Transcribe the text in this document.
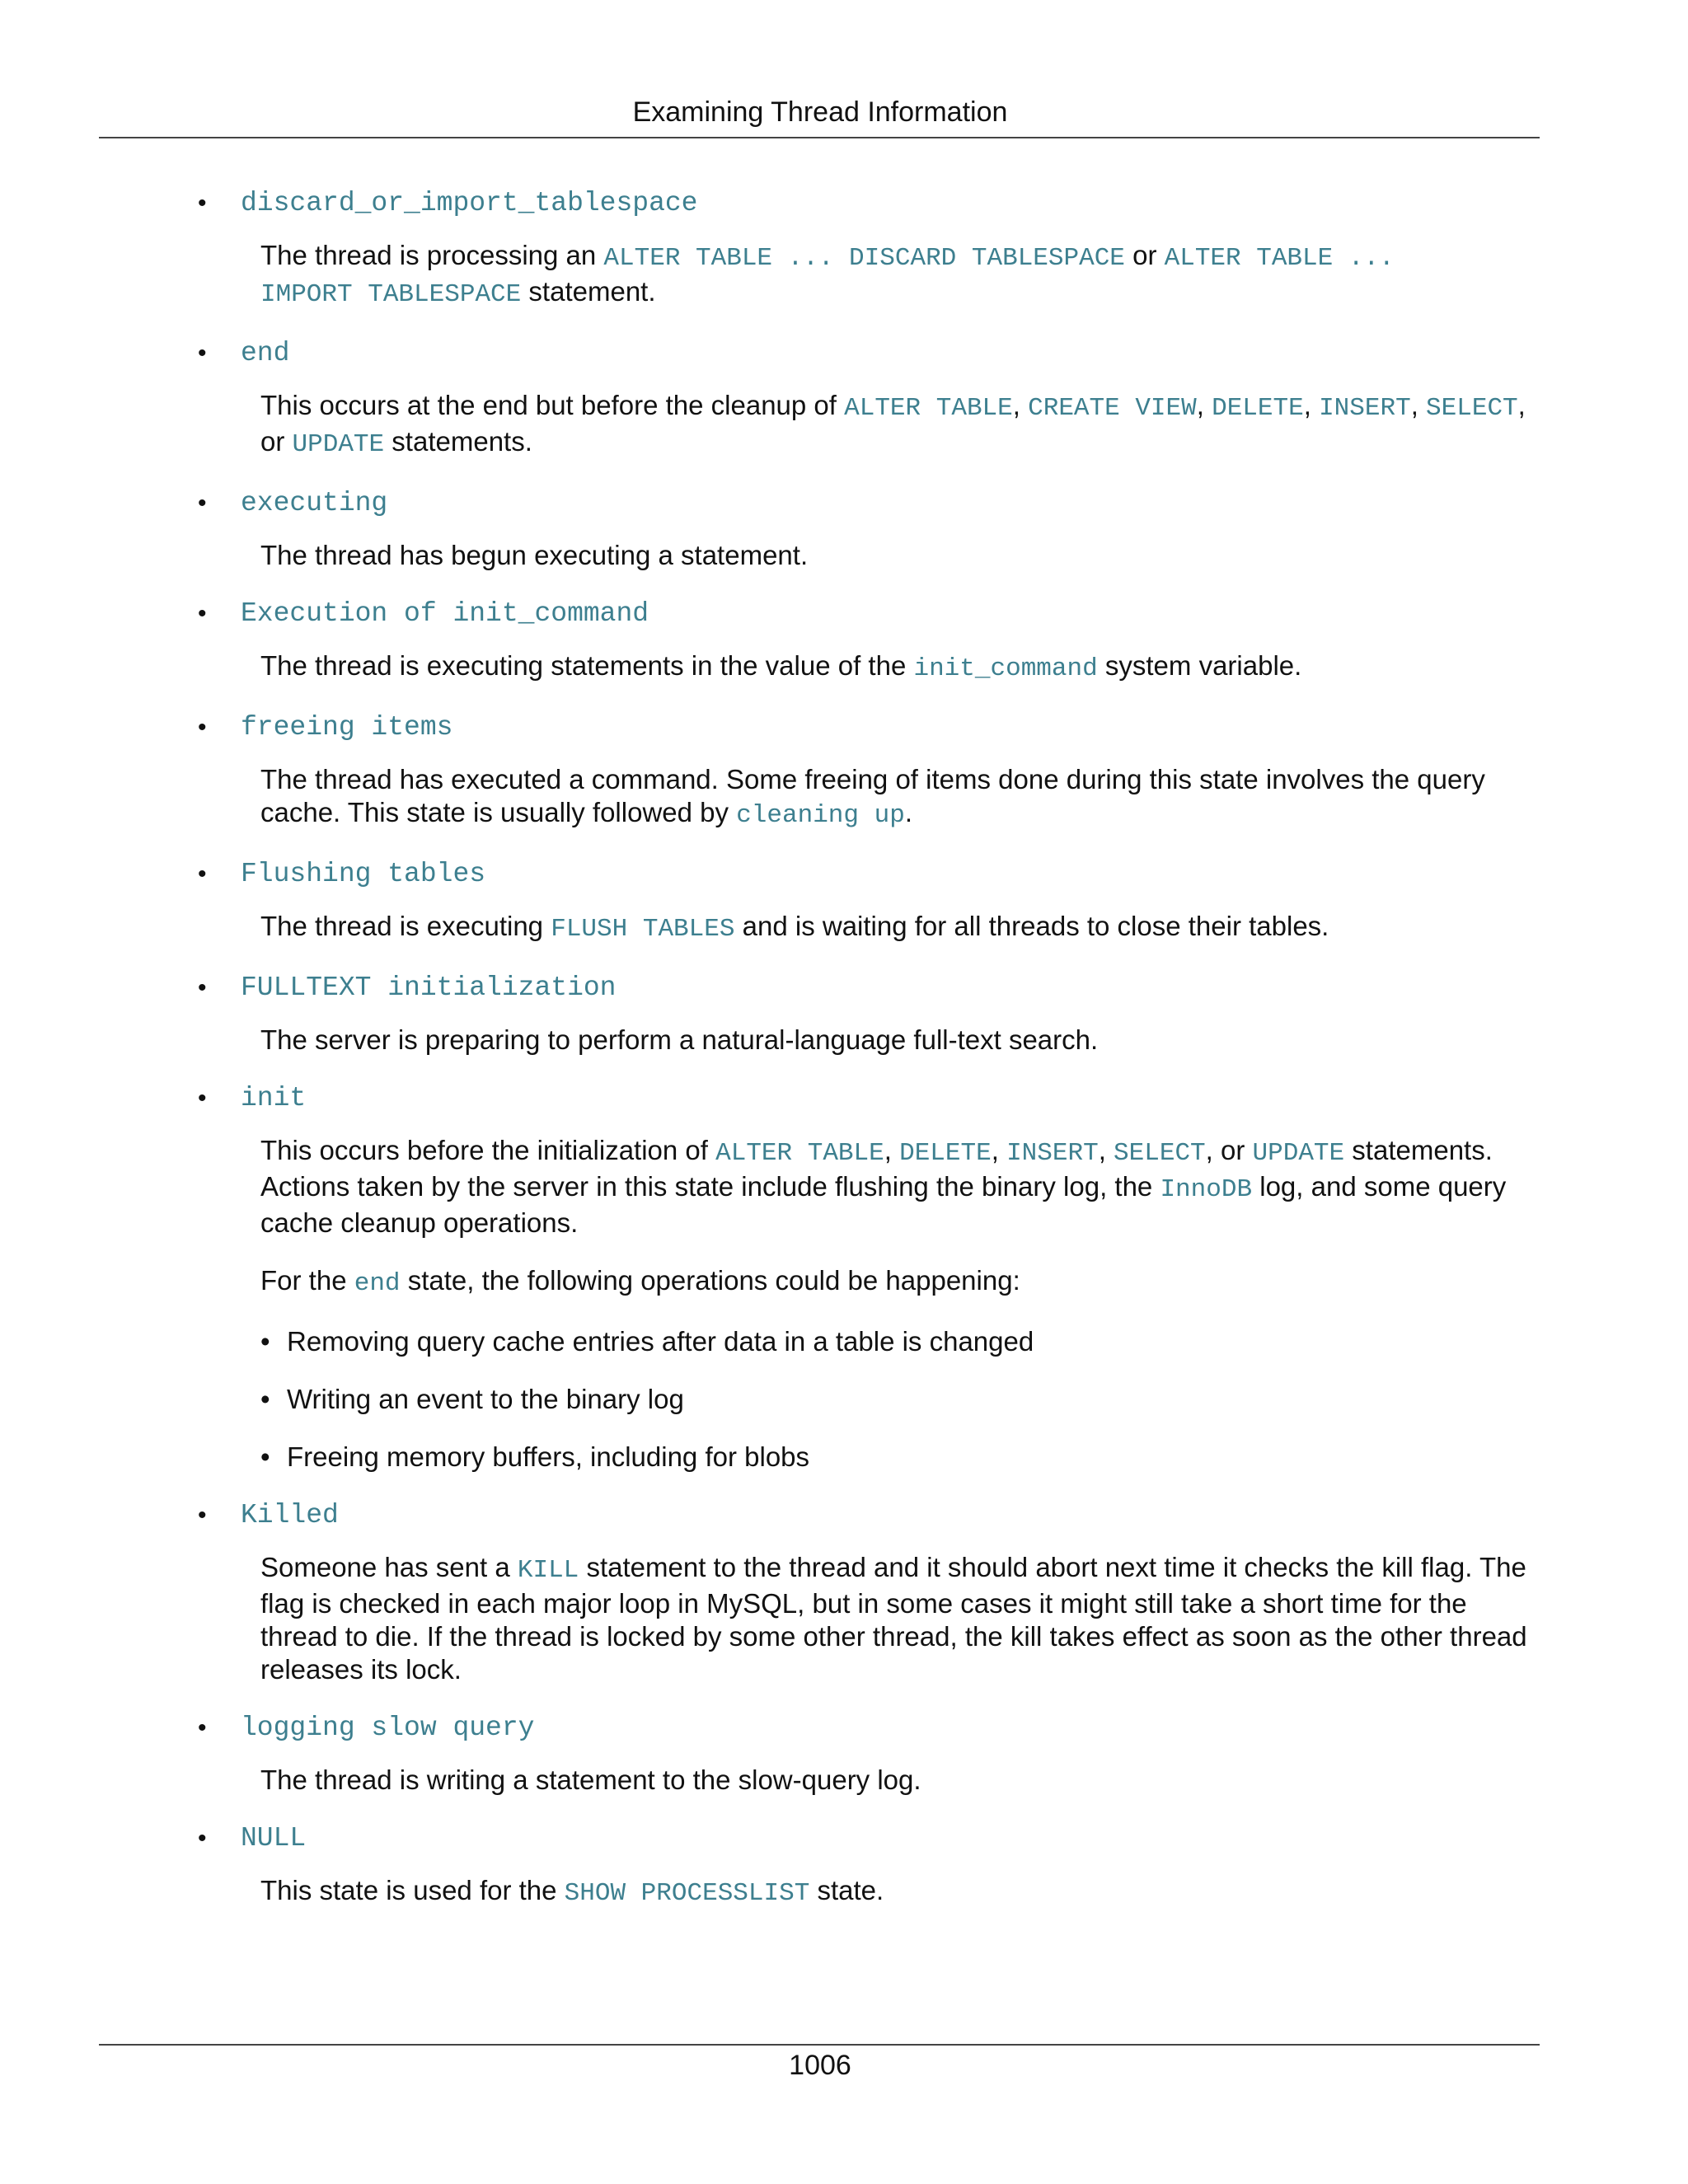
Examining Thread Information
• discard_or_import_tablespace
The thread is processing an ALTER TABLE ... DISCARD TABLESPACE or ALTER TABLE ... IMPORT TABLESPACE statement.
• end
This occurs at the end but before the cleanup of ALTER TABLE, CREATE VIEW, DELETE, INSERT, SELECT, or UPDATE statements.
• executing
The thread has begun executing a statement.
• Execution of init_command
The thread is executing statements in the value of the init_command system variable.
• freeing items
The thread has executed a command. Some freeing of items done during this state involves the query cache. This state is usually followed by cleaning up.
• Flushing tables
The thread is executing FLUSH TABLES and is waiting for all threads to close their tables.
• FULLTEXT initialization
The server is preparing to perform a natural-language full-text search.
• init
This occurs before the initialization of ALTER TABLE, DELETE, INSERT, SELECT, or UPDATE statements. Actions taken by the server in this state include flushing the binary log, the InnoDB log, and some query cache cleanup operations.
For the end state, the following operations could be happening:
• Removing query cache entries after data in a table is changed
• Writing an event to the binary log
• Freeing memory buffers, including for blobs
• Killed
Someone has sent a KILL statement to the thread and it should abort next time it checks the kill flag. The flag is checked in each major loop in MySQL, but in some cases it might still take a short time for the thread to die. If the thread is locked by some other thread, the kill takes effect as soon as the other thread releases its lock.
• logging slow query
The thread is writing a statement to the slow-query log.
• NULL
This state is used for the SHOW PROCESSLIST state.
1006
